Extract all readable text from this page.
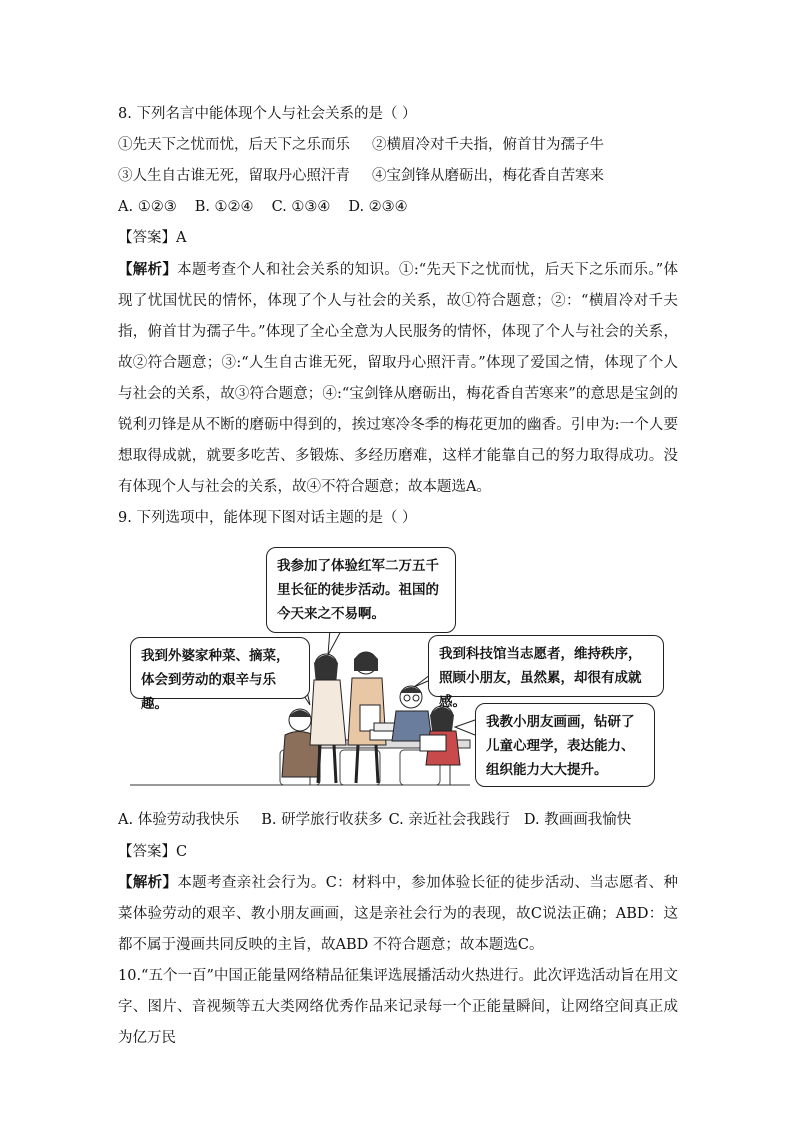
8. 下列名言中能体现个人与社会关系的是（ ）
①先天下之忧而忧，后天下之乐而乐 ②横眉冷对千夫指，俯首甘为孺子牛
③人生自古谁无死，留取丹心照汗青 ④宝剑锋从磨砺出，梅花香自苦寒来
A. ①②③ B. ①②④ C. ①③④ D. ②③④
【答案】A
【解析】本题考查个人和社会关系的知识。①:“先天下之忧而忧，后天下之乐而乐。”体现了忧国忧民的情怀，体现了个人与社会的关系，故①符合题意；②：“横眉冷对千夫指，俯首甘为孺子牛。”体现了全心全意为人民服务的情怀，体现了个人与社会的关系，故②符合题意；③:“人生自古谁无死，留取丹心照汗青。”体现了爱国之情，体现了个人与社会的关系，故③符合题意；④:“宝剑锋从磨砺出，梅花香自苦寒来”的意思是宝剑的锐利刃锋是从不断的磨砺中得到的，挨过寒冷冬季的梅花更加的幽香。引申为:一个人要想取得成就，就要多吃苦、多锻炼、多经历磨难，这样才能靠自己的努力取得成功。没有体现个人与社会的关系，故④不符合题意；故本题选A。
9. 下列选项中，能体现下图对话主题的是（ ）
我参加了体验红军二万五千里长征的徒步活动。祖国的今天来之不易啊。
我到外婆家种菜、摘菜，体会到劳动的艰辛与乐趣。
我到科技馆当志愿者，维持秩序，照顾小朋友，虽然累，却很有成就感。
我教小朋友画画，钻研了儿童心理学，表达能力、组织能力大大提升。
A. 体验劳动我快乐 B. 研学旅行收获多 C. 亲近社会我践行 D. 教画画我愉快
【答案】C
【解析】本题考查亲社会行为。C：材料中，参加体验长征的徒步活动、当志愿者、种菜体验劳动的艰辛、教小朋友画画，这是亲社会行为的表现，故C说法正确；ABD：这都不属于漫画共同反映的主旨，故ABD 不符合题意；故本题选C。
10.“五个一百”中国正能量网络精品征集评选展播活动火热进行。此次评选活动旨在用文字、图片、音视频等五大类网络优秀作品来记录每一个正能量瞬间，让网络空间真正成为亿万民
